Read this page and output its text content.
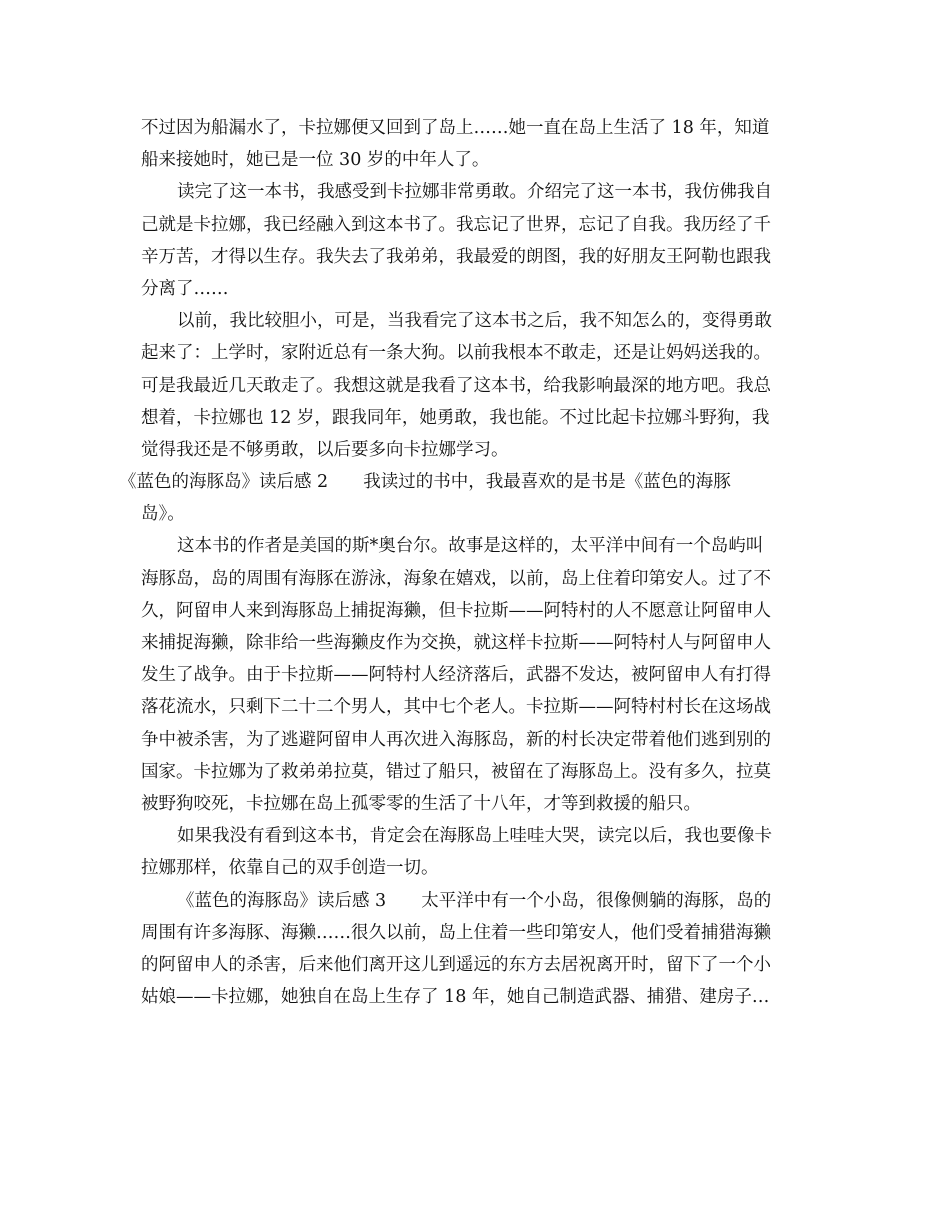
不过因为船漏水了，卡拉娜便又回到了岛上……她一直在岛上生活了 18 年，知道
船来接她时，她已是一位 30 岁的中年人了。
读完了这一本书，我感受到卡拉娜非常勇敢。介绍完了这一本书，我仿佛我自
己就是卡拉娜，我已经融入到这本书了。我忘记了世界，忘记了自我。我历经了千
辛万苦，才得以生存。我失去了我弟弟，我最爱的朗图，我的好朋友王阿勒也跟我
分离了……
以前，我比较胆小，可是，当我看完了这本书之后，我不知怎么的，变得勇敢
起来了：上学时，家附近总有一条大狗。以前我根本不敢走，还是让妈妈送我的。
可是我最近几天敢走了。我想这就是我看了这本书，给我影响最深的地方吧。我总
想着，卡拉娜也 12 岁，跟我同年，她勇敢，我也能。不过比起卡拉娜斗野狗，我
觉得我还是不够勇敢，以后要多向卡拉娜学习。
《蓝色的海豚岛》读后感 2　　我读过的书中，我最喜欢的是书是《蓝色的海豚
岛》。
这本书的作者是美国的斯*奥台尔。故事是这样的，太平洋中间有一个岛屿叫
海豚岛，岛的周围有海豚在游泳，海象在嬉戏，以前，岛上住着印第安人。过了不
久，阿留申人来到海豚岛上捕捉海獭，但卡拉斯——阿特村的人不愿意让阿留申人
来捕捉海獭，除非给一些海獭皮作为交换，就这样卡拉斯——阿特村人与阿留申人
发生了战争。由于卡拉斯——阿特村人经济落后，武器不发达，被阿留申人有打得
落花流水，只剩下二十二个男人，其中七个老人。卡拉斯——阿特村村长在这场战
争中被杀害，为了逃避阿留申人再次进入海豚岛，新的村长决定带着他们逃到别的
国家。卡拉娜为了救弟弟拉莫，错过了船只，被留在了海豚岛上。没有多久，拉莫
被野狗咬死，卡拉娜在岛上孤零零的生活了十八年，才等到救援的船只。
如果我没有看到这本书，肯定会在海豚岛上哇哇大哭，读完以后，我也要像卡
拉娜那样，依靠自己的双手创造一切。
《蓝色的海豚岛》读后感 3　　太平洋中有一个小岛，很像侧躺的海豚，岛的
周围有许多海豚、海獭……很久以前，岛上住着一些印第安人，他们受着捕猎海獭
的阿留申人的杀害，后来他们离开这儿到遥远的东方去居祝离开时，留下了一个小
姑娘——卡拉娜，她独自在岛上生存了 18 年，她自己制造武器、捕猎、建房子…
